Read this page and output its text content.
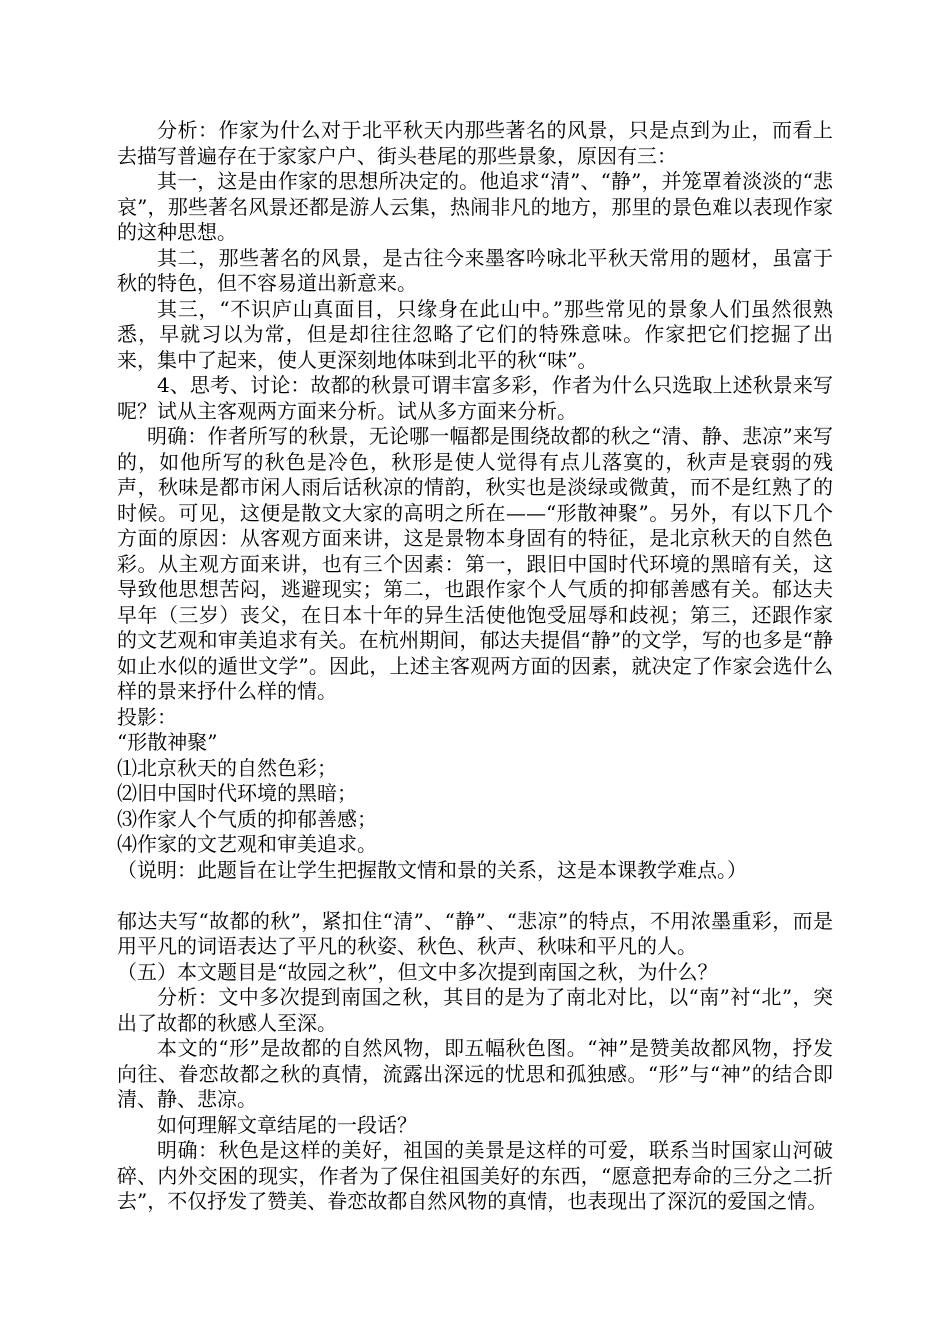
分析：作家为什么对于北平秋天内那些著名的风景，只是点到为止，而看上去描写普遍存在于家家户户、街头巷尾的那些景象，原因有三：

其一，这是由作家的思想所决定的。他追求“清”、“静”，并笼罩着淡淡的“悲哀”，那些著名风景还都是游人云集，热闹非凡的地方，那里的景色难以表现作家的这种思想。

其二，那些著名的风景，是古往今来墨客吟咏北平秋天常用的题材，虽富于秋的特色，但不容易道出新意来。

其三，“不识庐山真面目，只缘身在此山中。”那些常见的景象人们虽然很熟悉，早就习以为常，但是却往往忽略了它们的特殊意味。作家把它们挖掘了出来，集中了起来，使人更深刻地体味到北平的秋“味”。

4、思考、讨论：故都的秋景可谓丰富多彩，作者为什么只选取上述秋景来写呢？试从主客观两方面来分析。试从多方面来分析。

明确：作者所写的秋景，无论哪一幅都是围绕故都的秋之“清、静、悲凉”来写的，如他所写的秋色是冷色，秋形是使人觉得有点儿落寞的，秋声是衰弱的残声，秋味是都市闲人雨后话秋凉的情韵，秋实也是淡绿或微黄，而不是红熟了的时候。可见，这便是散文大家的高明之所在——“形散神聚”。另外，有以下几个方面的原因：从客观方面来讲，这是景物本身固有的特征，是北京秋天的自然色彩。从主观方面来讲，也有三个因素：第一，跟旧中国时代环境的黑暗有关，这导致他思想苦闷，逃避现实；第二，也跟作家个人气质的抑郁善感有关。郁达夫早年（三岁）丧父，在日本十年的异生活使他饱受屈辱和歧视；第三，还跟作家的文艺观和审美追求有关。在杭州期间，郁达夫提倡“静”的文学，写的也多是“静如止水似的遁世文学”。因此，上述主客观两方面的因素，就决定了作家会选什么样的景来抒什么样的情。

投影：

“形散神聚”

⑴北京秋天的自然色彩；

⑵旧中国时代环境的黑暗；

⑶作家人个气质的抑郁善感；

⑷作家的文艺观和审美追求。

（说明：此题旨在让学生把握散文情和景的关系，这是本课教学难点。）

郁达夫写“故都的秋”，紧扣住“清”、“静”、“悲凉”的特点，不用浓墨重彩，而是用平凡的词语表达了平凡的秋姿、秋色、秋声、秋味和平凡的人。

（五）本文题目是“故园之秋”，但文中多次提到南国之秋，为什么？

分析：文中多次提到南国之秋，其目的是为了南北对比，以“南”衬“北”，突出了故都的秋感人至深。

本文的“形”是故都的自然风物，即五幅秋色图。“神”是赞美故都风物，抒发向往、眷恋故都之秋的真情，流露出深远的忧思和孤独感。“形”与“神”的结合即清、静、悲凉。

如何理解文章结尾的一段话？

明确：秋色是这样的美好，祖国的美景是这样的可爱，联系当时国家山河破碎、内外交困的现实，作者为了保住祖国美好的东西，“愿意把寿命的三分之二折去”，不仅抒发了赞美、眷恋故都自然风物的真情，也表现出了深沉的爱国之情。
